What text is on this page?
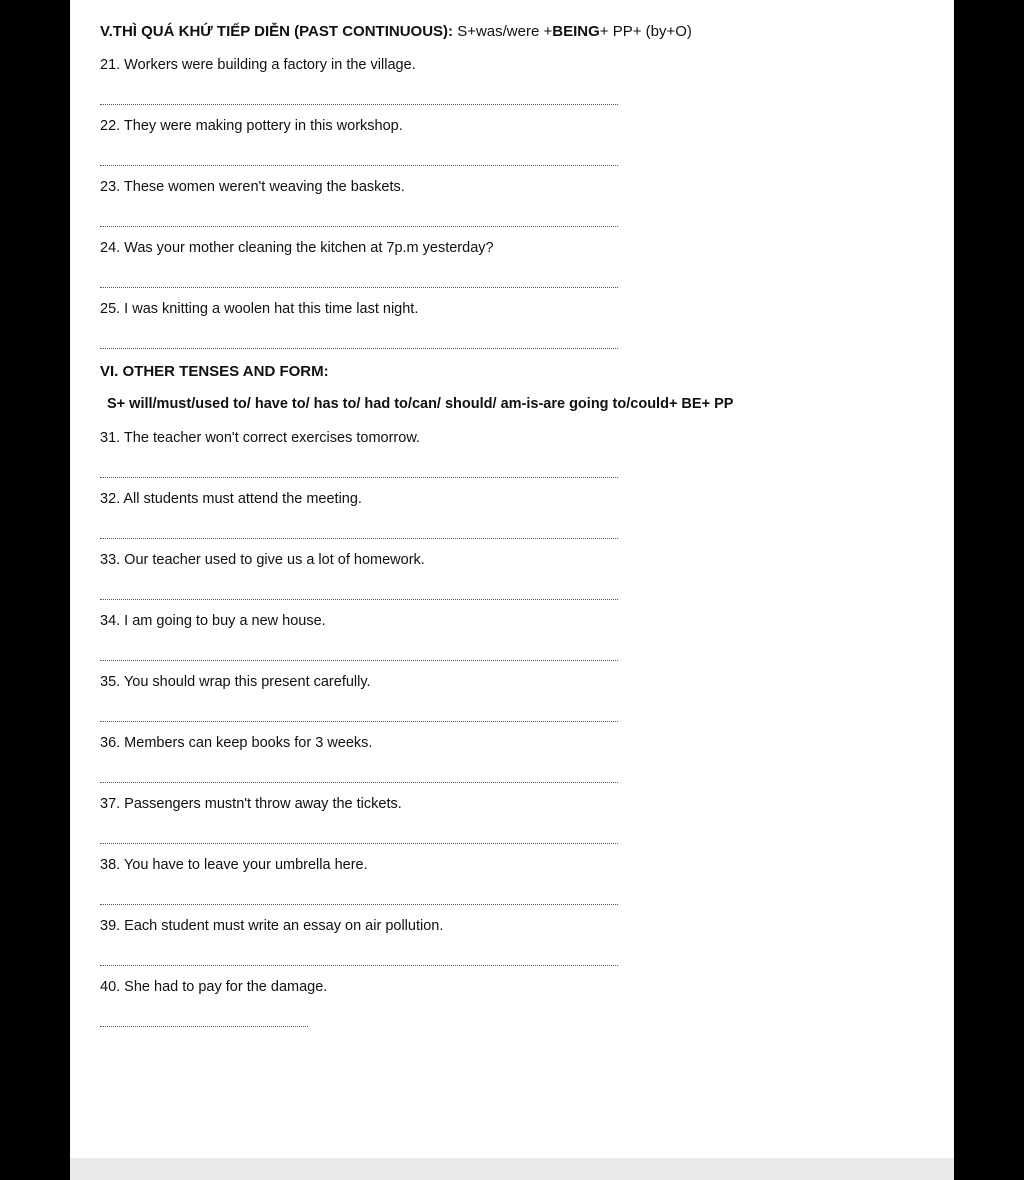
V.THÌ QUÁ KHỨ TIẾP DIỄN (PAST CONTINUOUS): S+was/were +BEING+ PP+ (by+O)
21. Workers were building a factory in the village.
22. They were making pottery in this workshop.
23. These women weren't weaving the baskets.
24. Was your mother cleaning the kitchen at 7p.m yesterday?
25. I was knitting a woolen hat this time last night.
VI. OTHER TENSES AND FORM:
S+ will/must/used to/ have to/ has to/ had to/can/ should/ am-is-are going to/could+ BE+ PP
31. The teacher won't correct exercises tomorrow.
32. All students must attend the meeting.
33. Our teacher used to give us a lot of homework.
34. I am going to buy a new house.
35. You should wrap this present carefully.
36. Members can keep books for 3 weeks.
37. Passengers mustn't throw away the tickets.
38. You have to leave your umbrella here.
39. Each student must write an essay on air pollution.
40. She had to pay for the damage.
